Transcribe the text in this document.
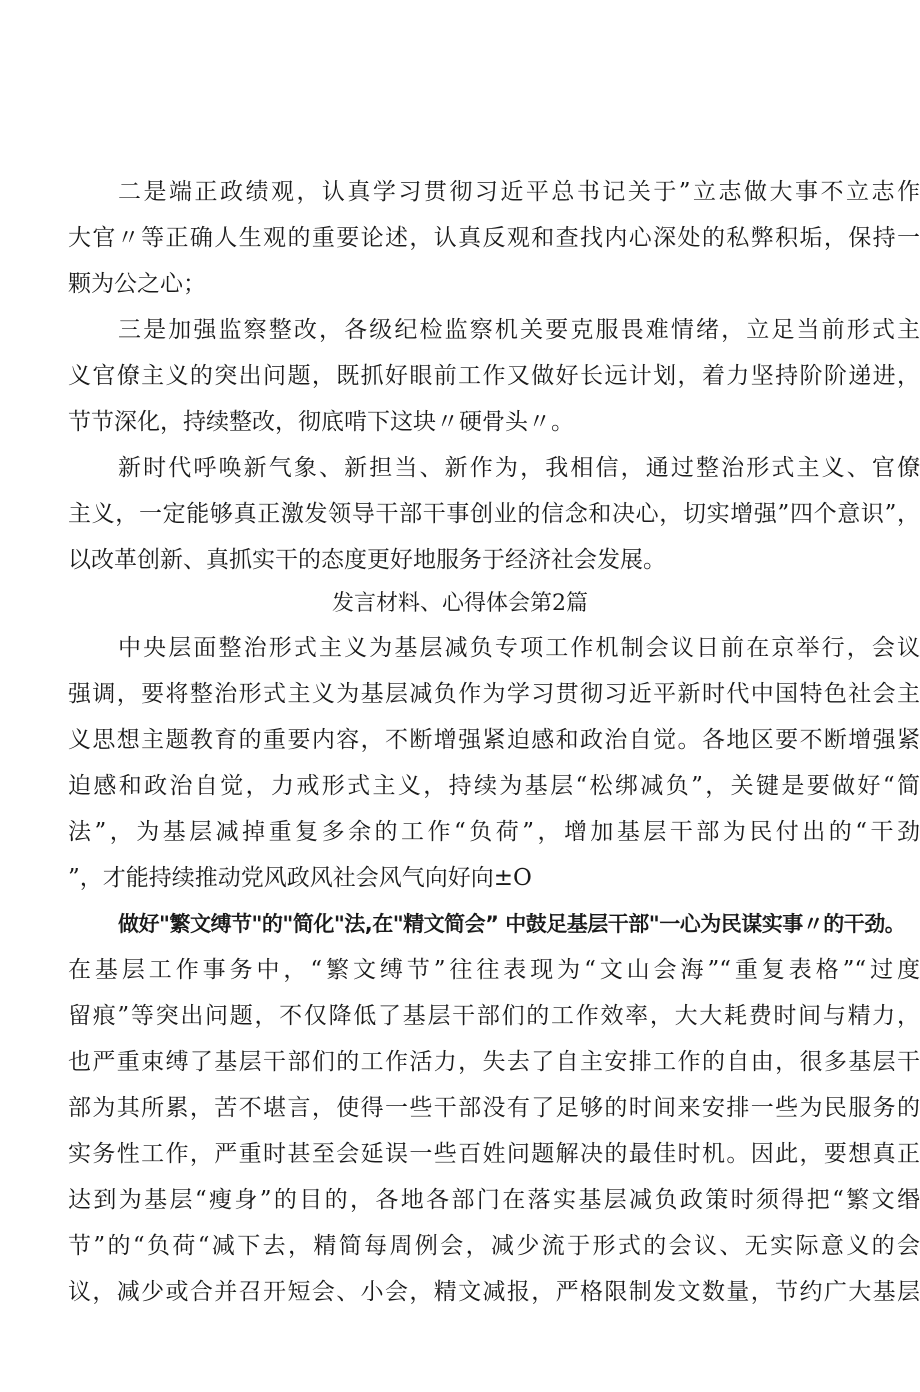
二是端正政绩观，认真学习贯彻习近平总书记关于”立志做大事不立志作

大官〃等正确人生观的重要论述，认真反观和查找内心深处的私弊积垢，保持一

颗为公之心；

三是加强监察整改，各级纪检监察机关要克服畏难情绪，立足当前形式主

义官僚主义的突出问题，既抓好眼前工作又做好长远计划，着力坚持阶阶递进，

节节深化，持续整改，彻底啃下这块〃硬骨头〃。

新时代呼唤新气象、新担当、新作为，我相信，通过整治形式主义、官僚

主义，一定能够真正激发领导干部干事创业的信念和决心，切实增强”四个意识”，

以改革创新、真抓实干的态度更好地服务于经济社会发展。

发言材料、心得体会第2篇

中央层面整治形式主义为基层减负专项工作机制会议日前在京举行，会议

强调，要将整治形式主义为基层减负作为学习贯彻习近平新时代中国特色社会主

义思想主题教育的重要内容，不断增强紧迫感和政治自觉。各地区要不断增强紧

迫感和政治自觉，力戒形式主义，持续为基层“松绑减负”，关键是要做好“简

法”，为基层减掉重复多余的工作“负荷”，增加基层干部为民付出的“干劲

”，才能持续推动党风政风社会风气向好向±O

做好"繁文缚节"的"简化"法,在"精文简会” 中鼓足基层干部"一心为民谋实事〃的干劲。

在基层工作事务中，“繁文缚节”往往表现为“文山会海”“重复表格”“过度

留痕”等突出问题，不仅降低了基层干部们的工作效率，大大耗费时间与精力，

也严重束缚了基层干部们的工作活力，失去了自主安排工作的自由，很多基层干

部为其所累，苦不堪言，使得一些干部没有了足够的时间来安排一些为民服务的

实务性工作，严重时甚至会延误一些百姓问题解决的最佳时机。因此，要想真正

达到为基层“瘦身”的目的，各地各部门在落实基层减负政策时须得把“繁文缗

节”的“负荷“减下去，精简每周例会，减少流于形式的会议、无实际意义的会

议，减少或合并召开短会、小会，精文减报，严格限制发文数量，节约广大基层
